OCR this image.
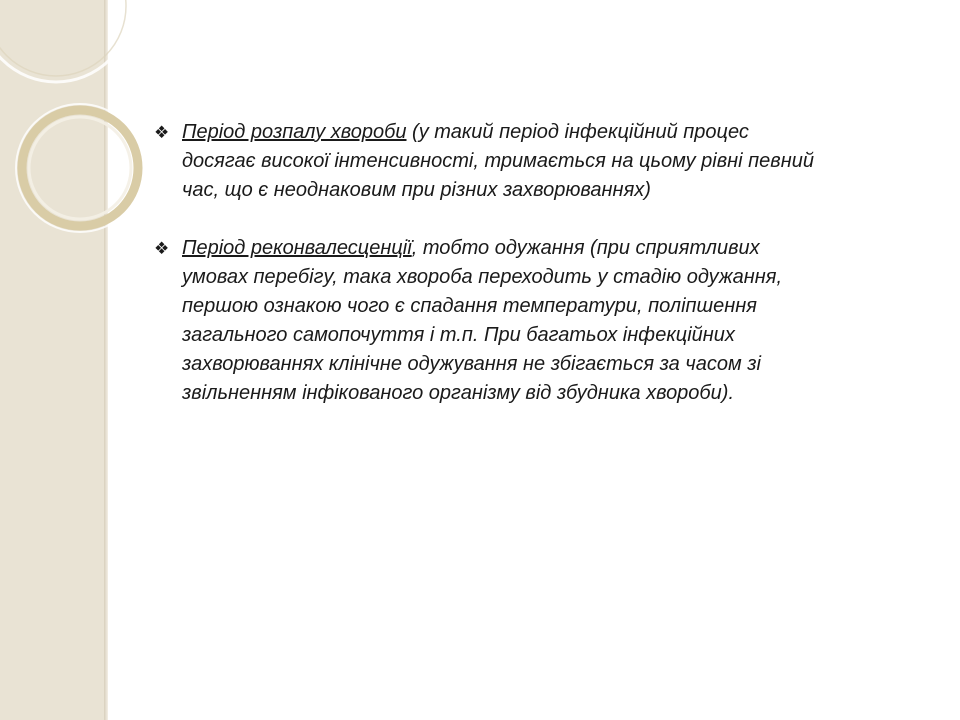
❖ Період розпалу хвороби (у такий період інфекційний процес досягає високої інтенсивності, тримається на цьому рівні певний час, що є неоднаковим при різних захворюваннях)
❖ Період реконвалесценції, тобто одужання (при сприятливих умовах перебігу, така хвороба переходить у стадію одужання, першою ознакою чого є спадання температури, поліпшення загального самопочуття і т.п. При багатьох інфекційних захворюваннях клінічне одужування не збігається за часом зі звільненням інфікованого організму від збудника хвороби).
